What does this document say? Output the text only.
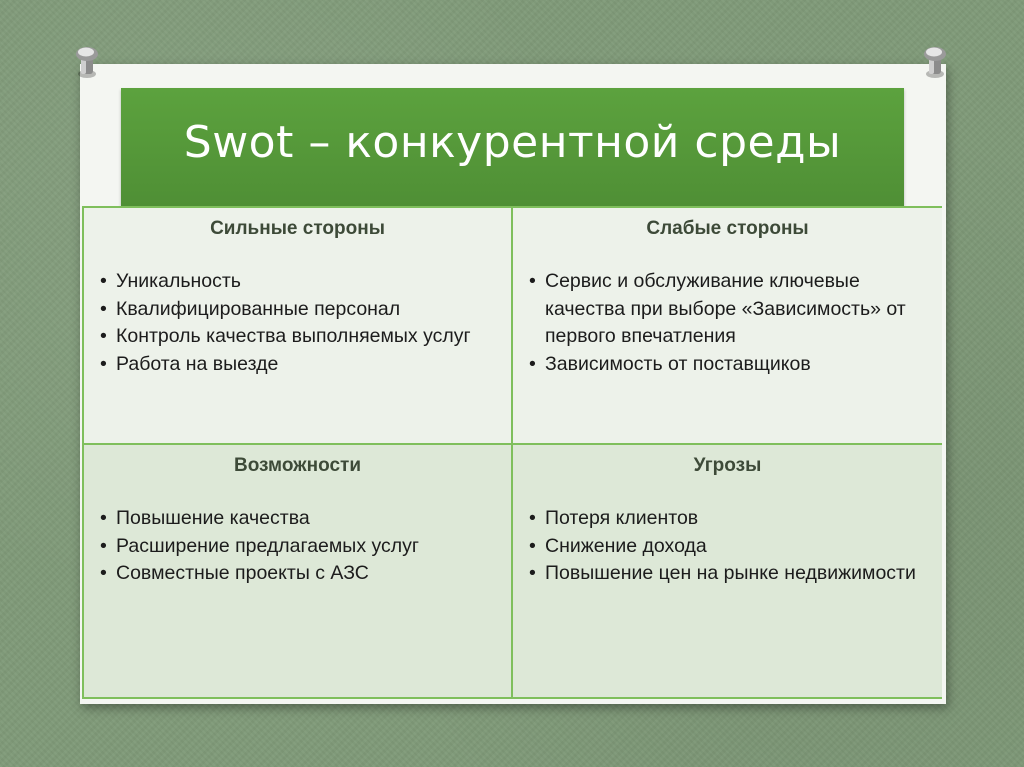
Swot – конкурентной среды
Сильные стороны
• Уникальность
• Квалифицированные персонал
• Контроль качества выполняемых услуг
• Работа на выезде
Слабые стороны
• Сервис и обслуживание ключевые качества при выборе «Зависимость» от первого впечатления
• Зависимость от поставщиков
Возможности
• Повышение качества
• Расширение предлагаемых услуг
• Совместные проекты с АЗС
Угрозы
• Потеря клиентов
• Снижение дохода
• Повышение цен на рынке недвижимости
